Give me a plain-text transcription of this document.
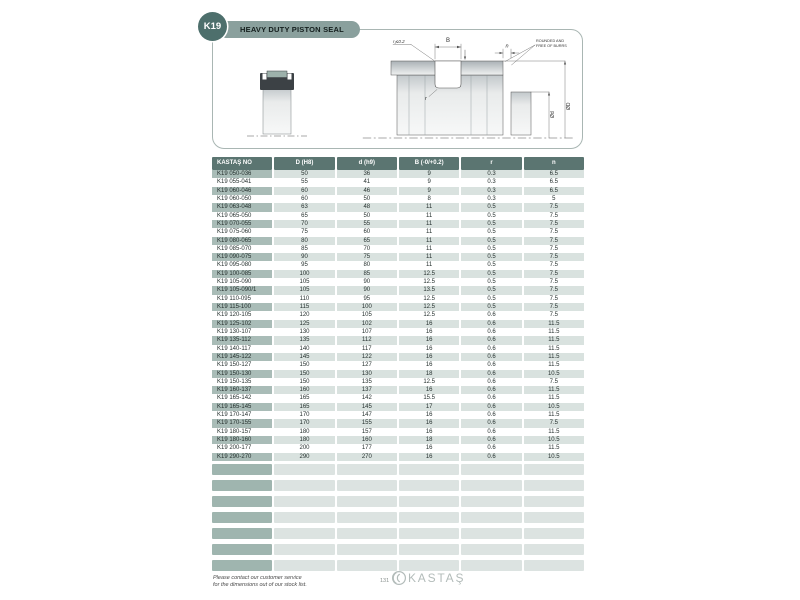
K19	HEAVY DUTY PISTON SEAL
B
n
r₁≤0.2
r
ROUNDED AND
FREE OF BURRS
ØD
Ød
KASTAŞ NO	D (H8)	d (h9)	B (-0/+0.2)	r	n
K19 050-036	50	36	9	0.3	6.5
K19 055-041	55	41	9	0.3	6.5
K19 060-046	60	46	9	0.3	6.5
K19 060-050	60	50	8	0.3	5
K19 063-048	63	48	11	0.5	7.5
K19 065-050	65	50	11	0.5	7.5
K19 070-055	70	55	11	0.5	7.5
K19 075-060	75	60	11	0.5	7.5
K19 080-065	80	65	11	0.5	7.5
K19 085-070	85	70	11	0.5	7.5
K19 090-075	90	75	11	0.5	7.5
K19 095-080	95	80	11	0.5	7.5
K19 100-085	100	85	12.5	0.5	7.5
K19 105-090	105	90	12.5	0.5	7.5
K19 105-090/1	105	90	13.5	0.5	7.5
K19 110-095	110	95	12.5	0.5	7.5
K19 115-100	115	100	12.5	0.5	7.5
K19 120-105	120	105	12.5	0.6	7.5
K19 125-102	125	102	16	0.6	11.5
K19 130-107	130	107	16	0.6	11.5
K19 135-112	135	112	16	0.6	11.5
K19 140-117	140	117	16	0.6	11.5
K19 145-122	145	122	16	0.6	11.5
K19 150-127	150	127	16	0.6	11.5
K19 150-130	150	130	18	0.6	10.5
K19 150-135	150	135	12.5	0.6	7.5
K19 160-137	160	137	16	0.6	11.5
K19 165-142	165	142	15.5	0.6	11.5
K19 165-145	165	145	17	0.6	10.5
K19 170-147	170	147	16	0.6	11.5
K19 170-155	170	155	16	0.6	7.5
K19 180-157	180	157	16	0.6	11.5
K19 180-160	180	160	18	0.6	10.5
K19 200-177	200	177	16	0.6	11.5
K19 290-270	290	270	16	0.6	10.5
Please contact our customer service
for the dimensions out of our stock list.
131 KASTAŞ
